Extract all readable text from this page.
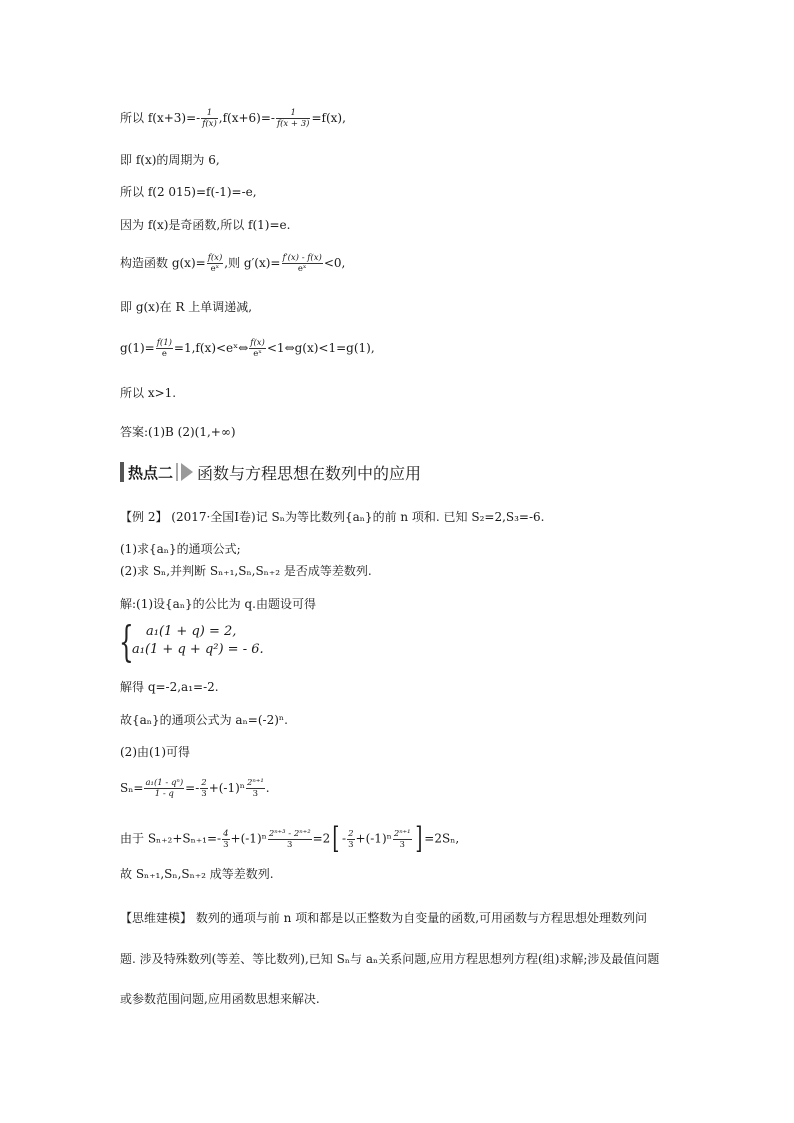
所以 $f(x+3)=- \frac{1}{f(x)} ,f(x+6)=- \frac{1}{f(x + 3)} =f(x)$,
即 f(x)的周期为 6,
所以 f(2 015)=f(-1)=-e,
因为 f(x)是奇函数,所以 f(1)=e.
构造函数 $g(x)= \frac{f(x)}{\text{eˣ}}$ ,则 $g'(x)= \frac{f'(x) - f(x)}{\text{eˣ}} <0$,
即 g(x)在 R 上单调递减,
$g(1)= \frac{f(1)}{e}$ =1,f(x)<eˣ⇔ $\frac{f(x)}{\text{eˣ}}$ <1⇔g(x)<1=g(1),
所以 x>1.
答案:(1)B (2)(1,+∞)
热点二 函数与方程思想在数列中的应用
【例 2】 (2017·全国Ⅰ卷)记 Sₙ为等比数列{aₙ}的前 n 项和. 已知 S₂=2,S₃=-6.
(1)求{aₙ}的通项公式;
(2)求 Sₙ,并判断 Sₙ₊₁,Sₙ,Sₙ₊₂ 是否成等差数列.
解:(1)设{aₙ}的公比为 q.由题设可得
{ a₁(1 + q) = 2,
a₁(1 + q + q²) = - 6.
解得 q=-2,a₁=-2.
故{aₙ}的通项公式为 aₙ=(-2)ⁿ.
(2)由(1)可得
$S_n= \frac{\text{a₁(1 - qⁿ)}}{1 - q} =- \frac{2}{3} +(-1)^n \frac{\text{2ⁿ⁺¹}}{3}$ .
由于 $S_{n+2}+S_{n+1}=- \frac{4}{3} +(-1)^n \frac{\text{2ⁿ⁺³ - 2ⁿ⁺²}}{3} =2[ - \frac{2}{3} +(-1)^n \frac{\text{2ⁿ⁺¹}}{3}$ ] =2Sₙ,
故 Sₙ₊₁,Sₙ,Sₙ₊₂ 成等差数列.
【思维建模】 数列的通项与前 n 项和都是以正整数为自变量的函数,可用函数与方程思想处理数列问
题. 涉及特殊数列(等差、等比数列),已知 Sₙ与 aₙ关系问题,应用方程思想列方程(组)求解;涉及最值问题
或参数范围问题,应用函数思想来解决.
